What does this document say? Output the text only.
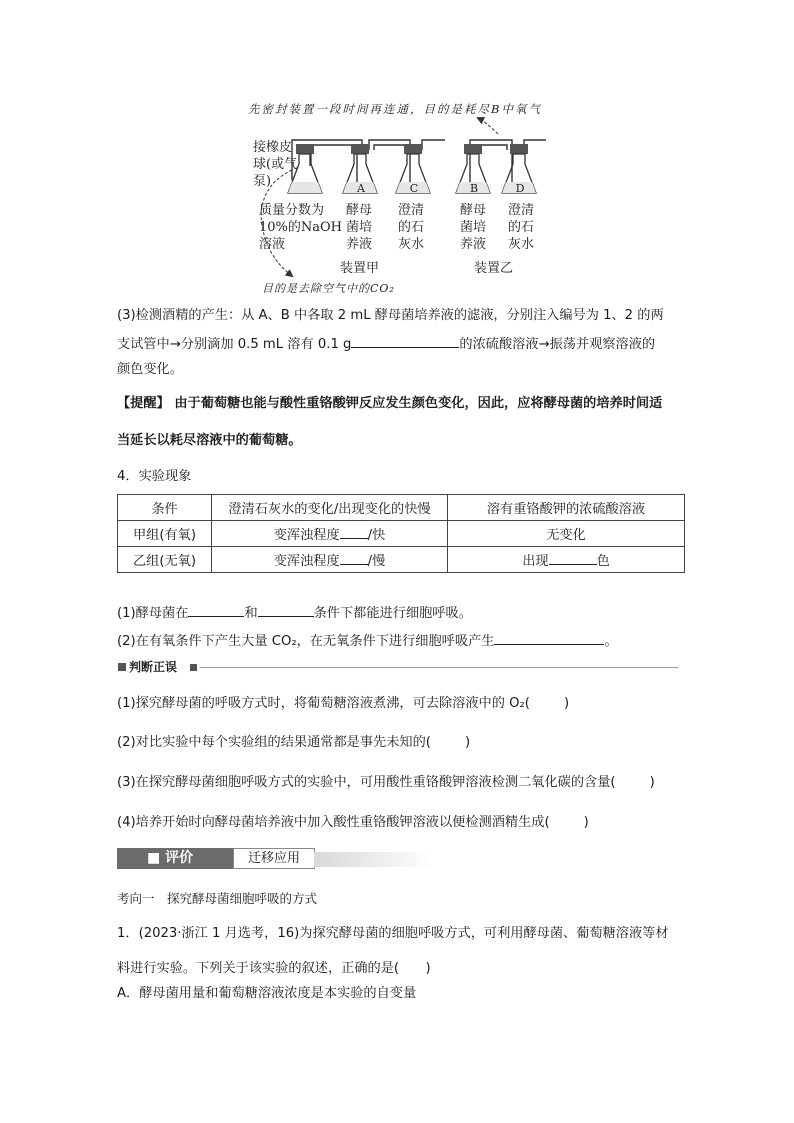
先密封装置一段时间再连通，目的是耗尽B中氧气
A	C	B	D
接橡皮
球(或气
泵)
质量分数为
10%的NaOH
溶液
酵母
菌培
养液
澄清
的石
灰水
酵母
菌培
养液
澄清
的石
灰水
装置甲	装置乙
目的是去除空气中的CO₂
(3)检测酒精的产生：从 A、B 中各取 2 mL 酵母菌培养液的滤液，分别注入编号为 1、2 的两
支试管中→分别滴加 0.5 mL 溶有 0.1 g	的浓硫酸溶液→振荡并观察溶液的
颜色变化。
【提醒】 由于葡萄糖也能与酸性重铬酸钾反应发生颜色变化，因此，应将酵母菌的培养时间适
当延长以耗尽溶液中的葡萄糖。
4．实验现象
条件	澄清石灰水的变化/出现变化的快慢	溶有重铬酸钾的浓硫酸溶液
甲组(有氧)	变浑浊程度 /快	无变化
乙组(无氧)	变浑浊程度 /慢	出现 色
(1)酵母菌在	和	条件下都能进行细胞呼吸。
(2)在有氧条件下产生大量 CO₂，在无氧条件下进行细胞呼吸产生	。
判断正误
(1)探究酵母菌的呼吸方式时，将葡萄糖溶液煮沸，可去除溶液中的 O₂(	)
(2)对比实验中每个实验组的结果通常都是事先未知的(	)
(3)在探究酵母菌细胞呼吸方式的实验中，可用酸性重铬酸钾溶液检测二氧化碳的含量(	)
(4)培养开始时向酵母菌培养液中加入酸性重铬酸钾溶液以便检测酒精生成(	)
■ 评价	迁移应用
考向一　探究酵母菌细胞呼吸的方式
1．(2023·浙江 1 月选考，16)为探究酵母菌的细胞呼吸方式，可利用酵母菌、葡萄糖溶液等材
料进行实验。下列关于该实验的叙述，正确的是(　　)
A．酵母菌用量和葡萄糖溶液浓度是本实验的自变量
